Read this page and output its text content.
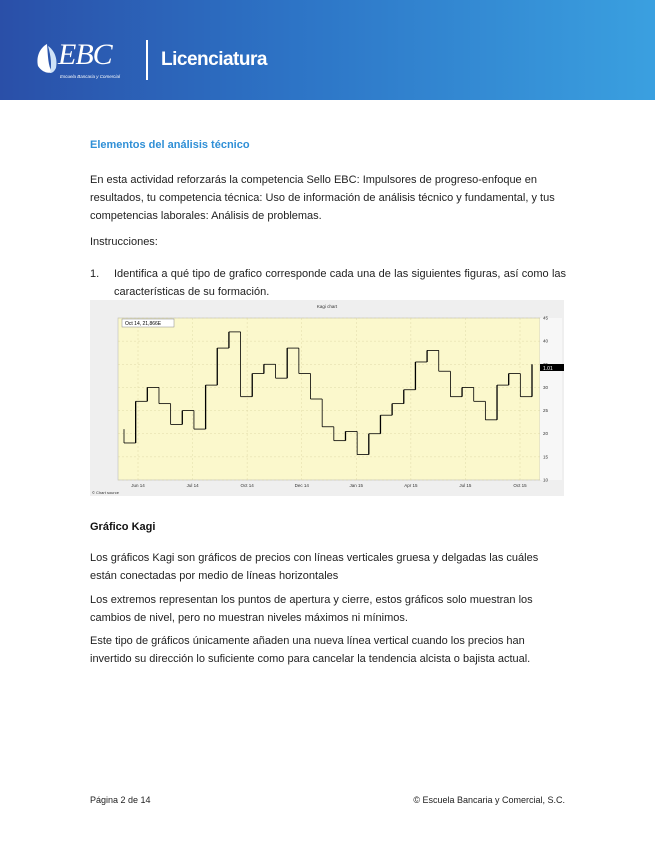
EBC
Escuela Bancaria y Comercial
Licenciatura
Elementos del análisis técnico
En esta actividad reforzarás la competencia Sello EBC: Impulsores de progreso-enfoque en resultados, tu competencia técnica: Uso de información de análisis técnico y fundamental, y tus competencias laborales: Análisis de problemas.
Instrucciones:
1. Identifica a qué tipo de grafico corresponde cada una de las siguientes figuras, así como las características de su formación.
45
40
30
25
20
15
10
Jun 14	Jul 14	Oct 14	Dec 14	Jan 15	Apr 15	Jul 15	Oct 15
Kagi chart
Oct 14, 21,866E
1.01
© Chart source
Gráfico Kagi
Los gráficos Kagi son gráficos de precios con líneas verticales gruesa y delgadas las cuáles están conectadas por medio de líneas horizontales
Los extremos representan los puntos de apertura y cierre, estos gráficos solo muestran los cambios de nivel, pero no muestran niveles máximos ni mínimos.
Este tipo de gráficos únicamente añaden una nueva línea vertical cuando los precios han invertido su dirección lo suficiente como para cancelar la tendencia alcista o bajista actual.
Página 2 de 14	© Escuela Bancaria y Comercial, S.C.
